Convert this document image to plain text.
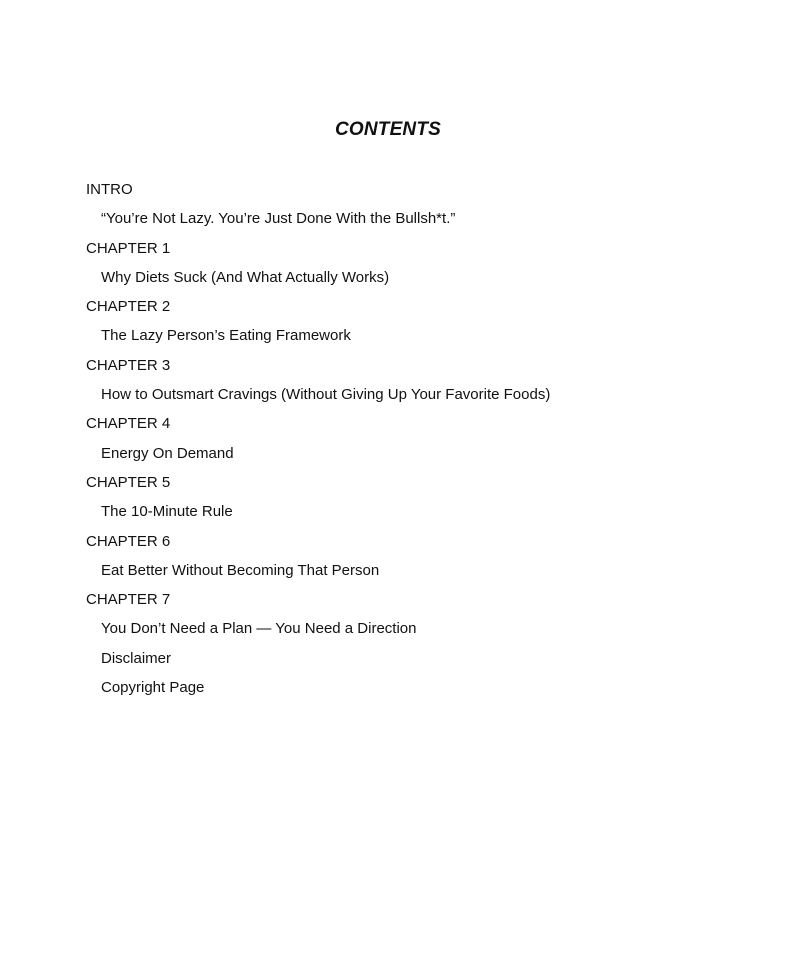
CONTENTS
INTRO
“You’re Not Lazy. You’re Just Done With the Bullsh*t.”
CHAPTER 1
Why Diets Suck (And What Actually Works)
CHAPTER 2
The Lazy Person’s Eating Framework
CHAPTER 3
How to Outsmart Cravings (Without Giving Up Your Favorite Foods)
CHAPTER 4
Energy On Demand
CHAPTER 5
The 10-Minute Rule
CHAPTER 6
Eat Better Without Becoming That Person
CHAPTER 7
You Don’t Need a Plan — You Need a Direction
Disclaimer
Copyright Page
